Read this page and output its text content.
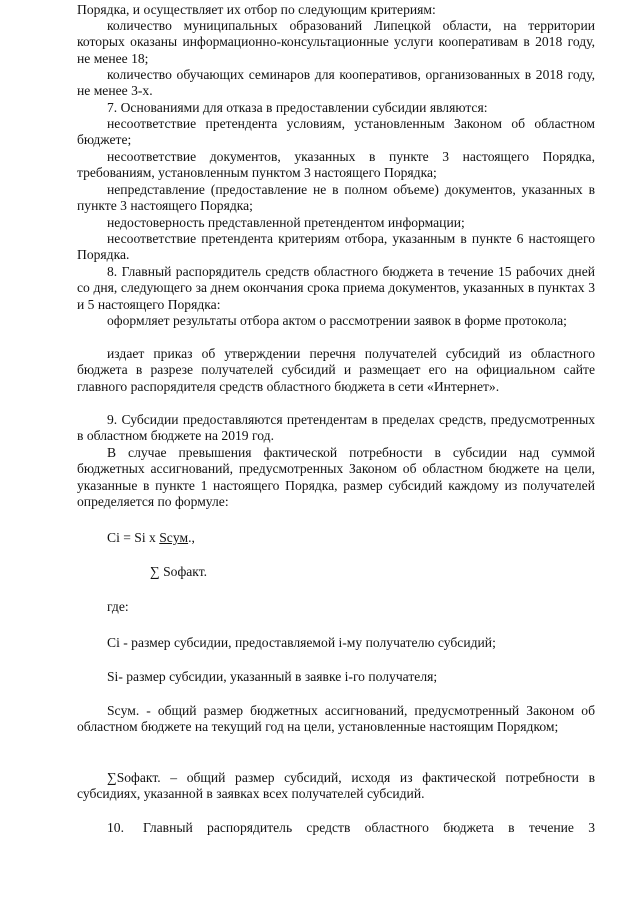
Порядка, и осуществляет их отбор по следующим критериям:

количество муниципальных образований Липецкой области, на территории которых оказаны информационно-консультационные услуги кооперативам в 2018 году, не менее 18;

количество обучающих семинаров для кооперативов, организованных в 2018 году, не менее 3-х.

7. Основаниями для отказа в предоставлении субсидии являются:

несоответствие претендента условиям, установленным Законом об областном бюджете;

несоответствие документов, указанных в пункте 3 настоящего Порядка, требованиям, установленным пунктом 3 настоящего Порядка;

непредставление (предоставление не в полном объеме) документов, указанных в пункте 3 настоящего Порядка;

недостоверность представленной претендентом информации;

несоответствие претендента критериям отбора, указанным в пункте 6 настоящего Порядка.

8. Главный распорядитель средств областного бюджета в течение 15 рабочих дней со дня, следующего за днем окончания срока приема документов, указанных в пунктах 3 и 5 настоящего Порядка:

оформляет результаты отбора актом о рассмотрении заявок в форме протокола;

издает приказ об утверждении перечня получателей субсидий из областного бюджета в разрезе получателей субсидий и размещает его на официальном сайте главного распорядителя средств областного бюджета в сети «Интернет».

9. Субсидии предоставляются претендентам в пределах средств, предусмотренных в областном бюджете на 2019 год.

В случае превышения фактической потребности в субсидии над суммой бюджетных ассигнований, предусмотренных Законом об областном бюджете на цели, указанные в пункте 1 настоящего Порядка, размер субсидий каждому из получателей определяется по формуле:

Ci = Si x Scум.,
∑ Sофакт.
где:

Ci - размер субсидии, предоставляемой i-му получателю субсидий;

Si- размер субсидии, указанный в заявке i-го получателя;

Scум. - общий размер бюджетных ассигнований, предусмотренный Законом об областном бюджете на текущий год на цели, установленные настоящим Порядком;

∑Sофакт. – общий размер субсидий, исходя из фактической потребности в субсидиях, указанной в заявках всех получателей субсидий.

10.	Главный распорядитель средств областного бюджета в течение 3
